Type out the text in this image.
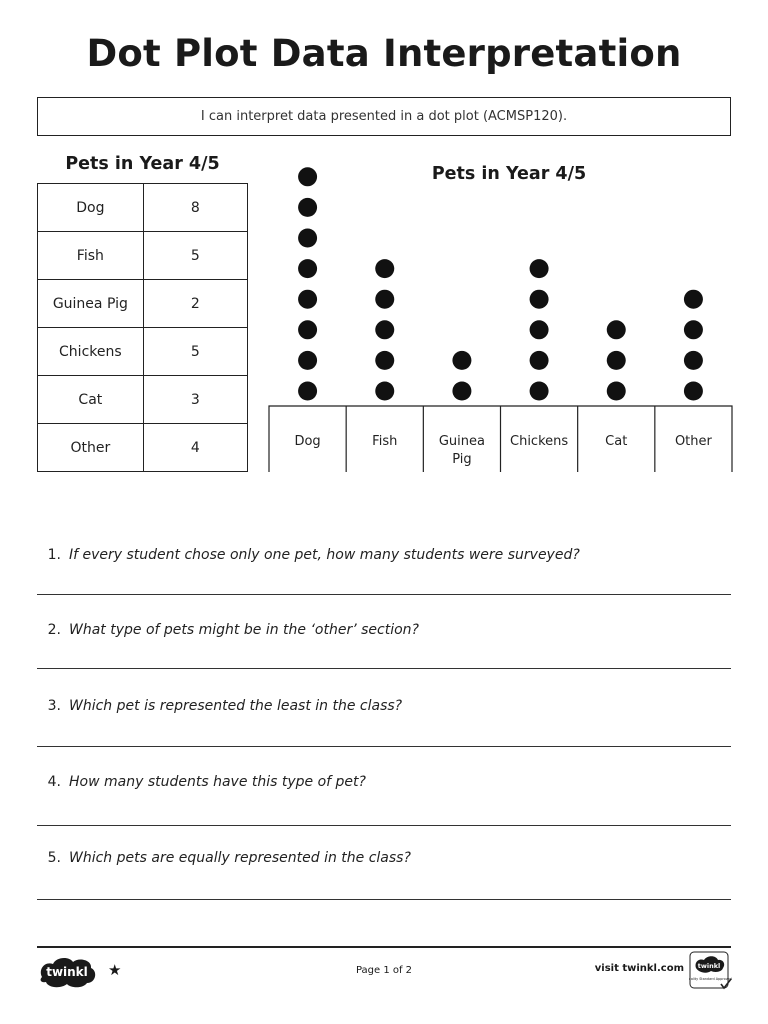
Dot Plot Data Interpretation
I can interpret data presented in a dot plot (ACMSP120).
Pets in Year 4/5
Dog	8
Fish	5
Guinea Pig	2
Chickens	5
Cat	3
Other	4
Pets in Year 4/5
Dog	Fish	Guinea Pig
Chickens	Cat	Other
1. If every student chose only one pet, how many students were surveyed?
2. What type of pets might be in the ‘other’ section?
3. Which pet is represented the least in the class?
4. How many students have this type of pet?
5. Which pets are equally represented in the class?
twinkl ★	Page 1 of 2	visit twinkl.com twinkl
Quality Standard Approved
